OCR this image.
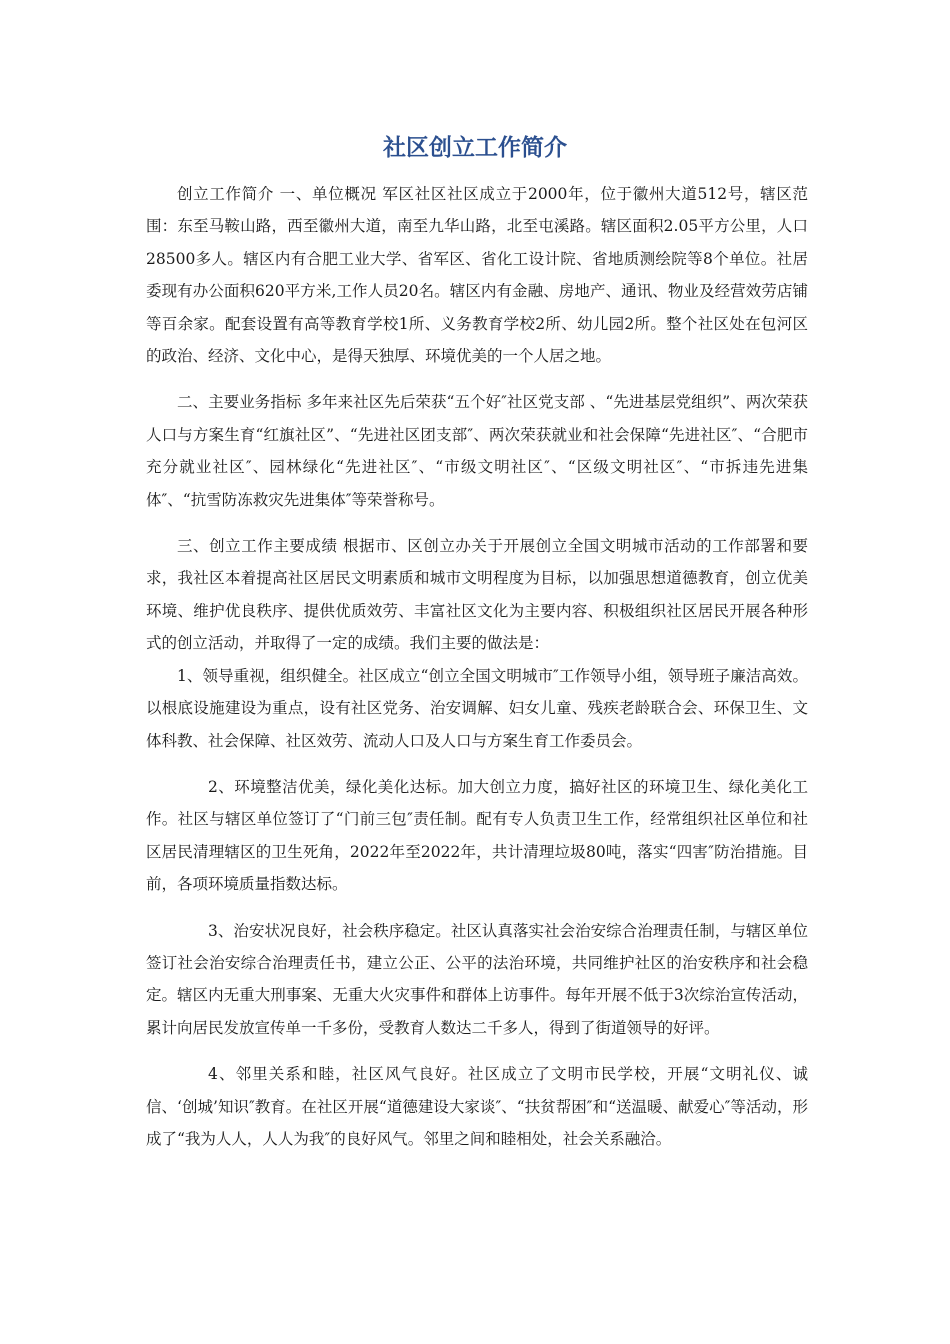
社区创立工作简介

创立工作简介 一、单位概况 军区社区社区成立于2000年，位于徽州大道512号，辖区范围：东至马鞍山路，西至徽州大道，南至九华山路，北至屯溪路。辖区面积2.05平方公里，人口28500多人。辖区内有合肥工业大学、省军区、省化工设计院、省地质测绘院等8个单位。社居委现有办公面积620平方米,工作人员20名。辖区内有金融、房地产、通讯、物业及经营效劳店铺等百余家。配套设置有高等教育学校1所、义务教育学校2所、幼儿园2所。整个社区处在包河区的政治、经济、文化中心，是得天独厚、环境优美的一个人居之地。

二、主要业务指标 多年来社区先后荣获“五个好″社区党支部 、“先进基层党组织”、两次荣获人口与方案生育“红旗社区”、“先进社区团支部″、两次荣获就业和社会保障“先进社区″、“合肥市充分就业社区″、园林绿化“先进社区″、“市级文明社区″、“区级文明社区″、“市拆违先进集体″、“抗雪防冻救灾先进集体″等荣誉称号。

三、创立工作主要成绩 根据市、区创立办关于开展创立全国文明城市活动的工作部署和要求，我社区本着提高社区居民文明素质和城市文明程度为目标，以加强思想道德教育，创立优美环境、维护优良秩序、提供优质效劳、丰富社区文化为主要内容、积极组织社区居民开展各种形式的创立活动，并取得了一定的成绩。我们主要的做法是：

1、领导重视，组织健全。社区成立“创立全国文明城市″工作领导小组，领导班子廉洁高效。以根底设施建设为重点，设有社区党务、治安调解、妇女儿童、残疾老龄联合会、环保卫生、文体科教、社会保障、社区效劳、流动人口及人口与方案生育工作委员会。

2、环境整洁优美，绿化美化达标。加大创立力度，搞好社区的环境卫生、绿化美化工作。社区与辖区单位签订了“门前三包″责任制。配有专人负责卫生工作，经常组织社区单位和社区居民清理辖区的卫生死角，2022年至2022年，共计清理垃圾80吨，落实“四害″防治措施。目前，各项环境质量指数达标。

3、治安状况良好，社会秩序稳定。社区认真落实社会治安综合治理责任制，与辖区单位签订社会治安综合治理责任书，建立公正、公平的法治环境，共同维护社区的治安秩序和社会稳定。辖区内无重大刑事案、无重大火灾事件和群体上访事件。每年开展不低于3次综治宣传活动，累计向居民发放宣传单一千多份，受教育人数达二千多人，得到了街道领导的好评。

4、邻里关系和睦，社区风气良好。社区成立了文明市民学校，开展“文明礼仪、诚信、‘创城’知识″教育。在社区开展“道德建设大家谈″、“扶贫帮困″和“送温暖、献爱心″等活动，形成了“我为人人，人人为我″的良好风气。邻里之间和睦相处，社会关系融洽。
